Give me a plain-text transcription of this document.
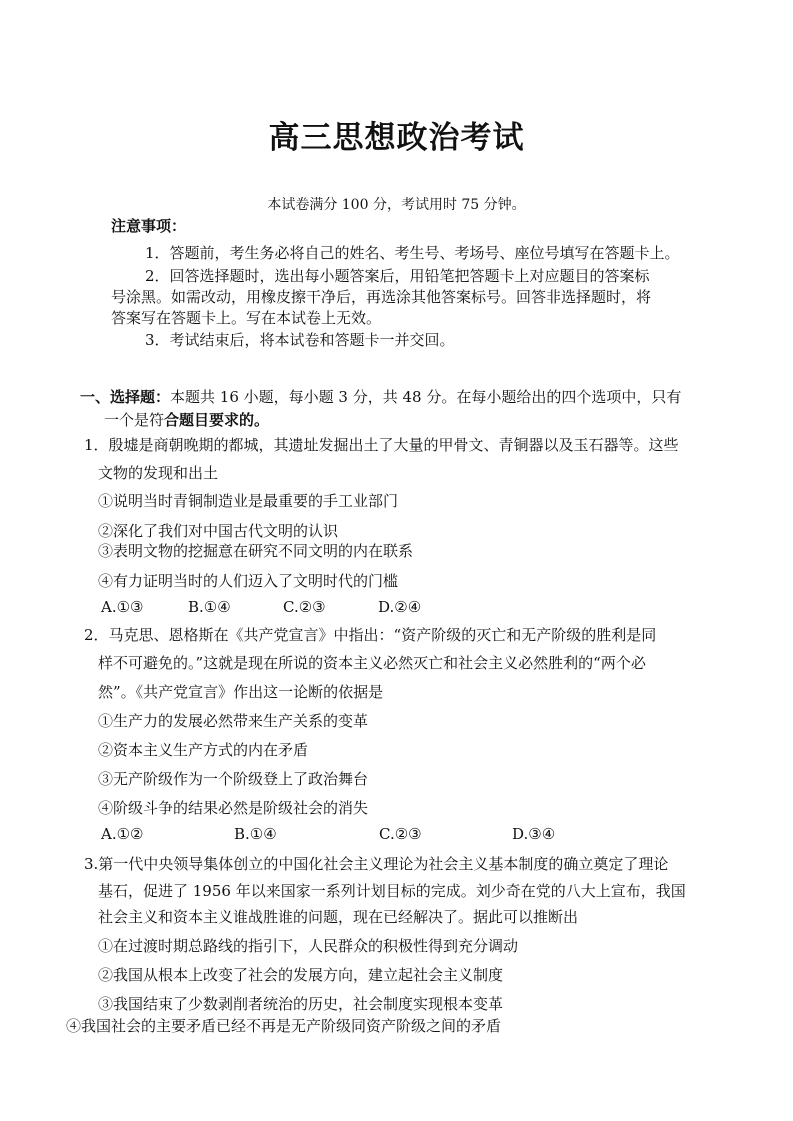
高三思想政治考试
本试卷满分 100 分，考试用时 75 分钟。
注意事项：
1．答题前，考生务必将自己的姓名、考生号、考场号、座位号填写在答题卡上。
2．回答选择题时，选出每小题答案后，用铅笔把答题卡上对应题目的答案标
号涂黑。如需改动，用橡皮擦干净后，再选涂其他答案标号。回答非选择题时，将
答案写在答题卡上。写在本试卷上无效。
3．考试结束后，将本试卷和答题卡一并交回。
一、选择题：本题共 16 小题，每小题 3 分，共 48 分。在每小题给出的四个选项中，只有
一个是符合题目要求的。
1．殷墟是商朝晚期的都城，其遗址发掘出土了大量的甲骨文、青铜器以及玉石器等。这些
文物的发现和出土
①说明当时青铜制造业是最重要的手工业部门
②深化了我们对中国古代文明的认识
③表明文物的挖掘意在研究不同文明的内在联系
④有力证明当时的人们迈入了文明时代的门槛
A.①③	B.①④	C.②③	D.②④
2．马克思、恩格斯在《共产党宣言》中指出：“资产阶级的灭亡和无产阶级的胜利是同
样不可避免的。”这就是现在所说的资本主义必然灭亡和社会主义必然胜利的“两个必
然”。《共产党宣言》作出这一论断的依据是
①生产力的发展必然带来生产关系的变革
②资本主义生产方式的内在矛盾
③无产阶级作为一个阶级登上了政治舞台
④阶级斗争的结果必然是阶级社会的消失
A.①②	B.①④	C.②③	D.③④
3.第一代中央领导集体创立的中国化社会主义理论为社会主义基本制度的确立奠定了理论
基石，促进了 1956 年以来国家一系列计划目标的完成。刘少奇在党的八大上宣布，我国
社会主义和资本主义谁战胜谁的问题，现在已经解决了。据此可以推断出
①在过渡时期总路线的指引下，人民群众的积极性得到充分调动
②我国从根本上改变了社会的发展方向，建立起社会主义制度
③我国结束了少数剥削者统治的历史，社会制度实现根本变革
④我国社会的主要矛盾已经不再是无产阶级同资产阶级之间的矛盾
